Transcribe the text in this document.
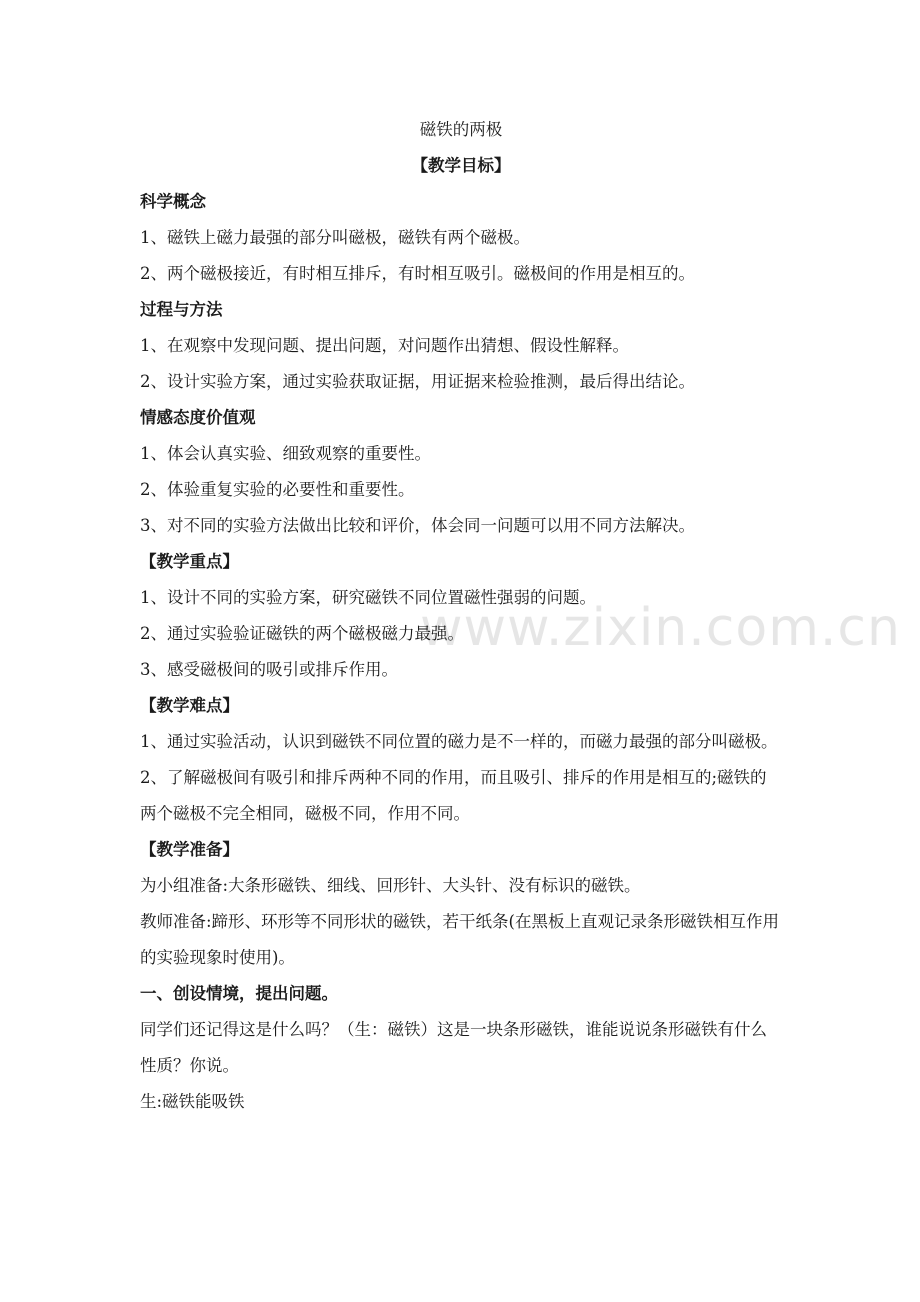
www.zixin.com.cn
磁铁的两极
【教学目标】
科学概念
1、磁铁上磁力最强的部分叫磁极，磁铁有两个磁极。
2、两个磁极接近，有时相互排斥，有时相互吸引。磁极间的作用是相互的。
过程与方法
1、在观察中发现问题、提出问题，对问题作出猜想、假设性解释。
2、设计实验方案，通过实验获取证据，用证据来检验推测，最后得出结论。
情感态度价值观
1、体会认真实验、细致观察的重要性。
2、体验重复实验的必要性和重要性。
3、对不同的实验方法做出比较和评价，体会同一问题可以用不同方法解决。
【教学重点】
1、设计不同的实验方案，研究磁铁不同位置磁性强弱的问题。
2、通过实验验证磁铁的两个磁极磁力最强。
3、感受磁极间的吸引或排斥作用。
【教学难点】
1、通过实验活动，认识到磁铁不同位置的磁力是不一样的，而磁力最强的部分叫磁极。
2、了解磁极间有吸引和排斥两种不同的作用，而且吸引、排斥的作用是相互的;磁铁的两个磁极不完全相同，磁极不同，作用不同。
【教学准备】
为小组准备:大条形磁铁、细线、回形针、大头针、没有标识的磁铁。
教师准备:蹄形、环形等不同形状的磁铁，若干纸条(在黑板上直观记录条形磁铁相互作用的实验现象时使用)。
一、创设情境，提出问题。
同学们还记得这是什么吗？（生：磁铁）这是一块条形磁铁，谁能说说条形磁铁有什么性质？你说。
生:磁铁能吸铁
